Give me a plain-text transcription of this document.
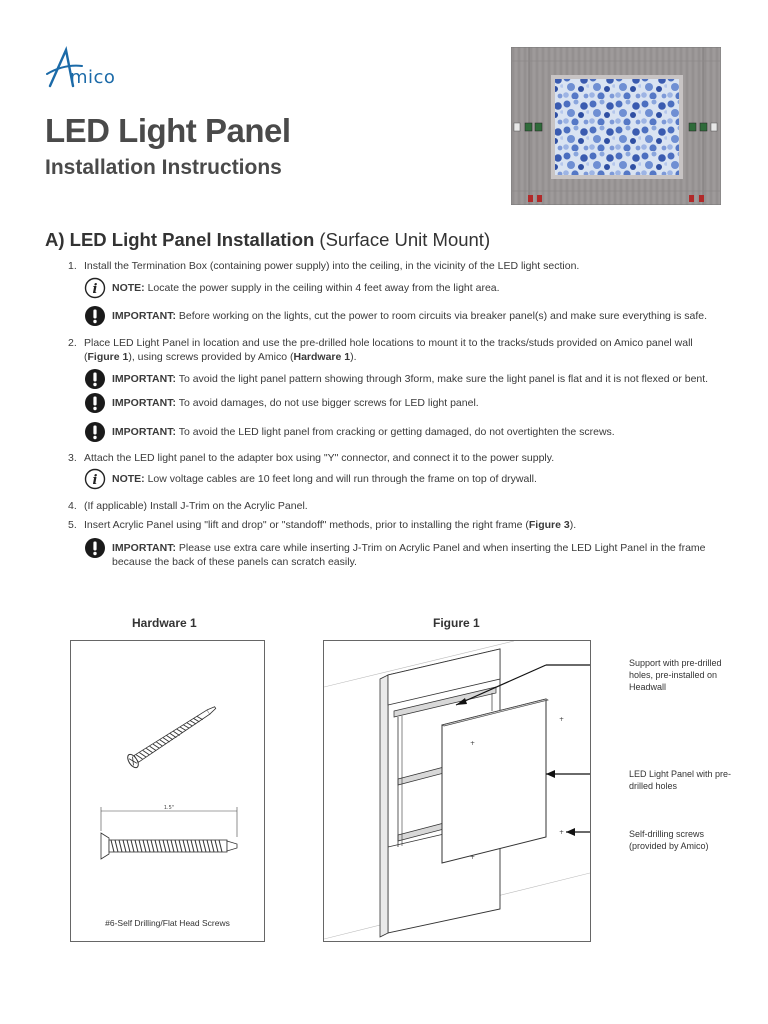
mico
LED Light Panel
Installation Instructions
A) LED Light Panel Installation (Surface Unit Mount)
1. Install the Termination Box (containing power supply) into the ceiling, in the vicinity of the LED light section.
2. Place LED Light Panel in location and use the pre-drilled hole locations to mount it to the tracks/studs provided on Amico panel wall (Figure 1), using screws provided by Amico (Hardware 1).
3. Attach the LED light panel to the adapter box using "Y" connector, and connect it to the power supply.
4. (If applicable) Install J-Trim on the Acrylic Panel.
5. Insert Acrylic Panel using "lift and drop" or "standoff" methods, prior to installing the right frame (Figure 3).
i NOTE: Locate the power supply in the ceiling within 4 feet away from the light area.
IMPORTANT: Before working on the lights, cut the power to room circuits via breaker panel(s) and make sure everything is safe.
IMPORTANT: To avoid the light panel pattern showing through 3form, make sure the light panel is flat and it is not flexed or bent.
IMPORTANT: To avoid damages, do not use bigger screws for LED light panel.
IMPORTANT: To avoid the LED light panel from cracking or getting damaged, do not overtighten the screws.
i NOTE: Low voltage cables are 10 feet long and will run through the frame on top of drywall.
IMPORTANT: Please use extra care while inserting J-Trim on Acrylic Panel and when inserting the LED Light Panel in the frame because the back of these panels can scratch easily.
Hardware 1
1.5"
#6-Self Drilling/Flat Head Screws
Figure 1
+
+
+
+
Support with pre-drilled holes, pre-installed on Headwall
LED Light Panel with pre-drilled holes
Self-drilling screws (provided by Amico)
